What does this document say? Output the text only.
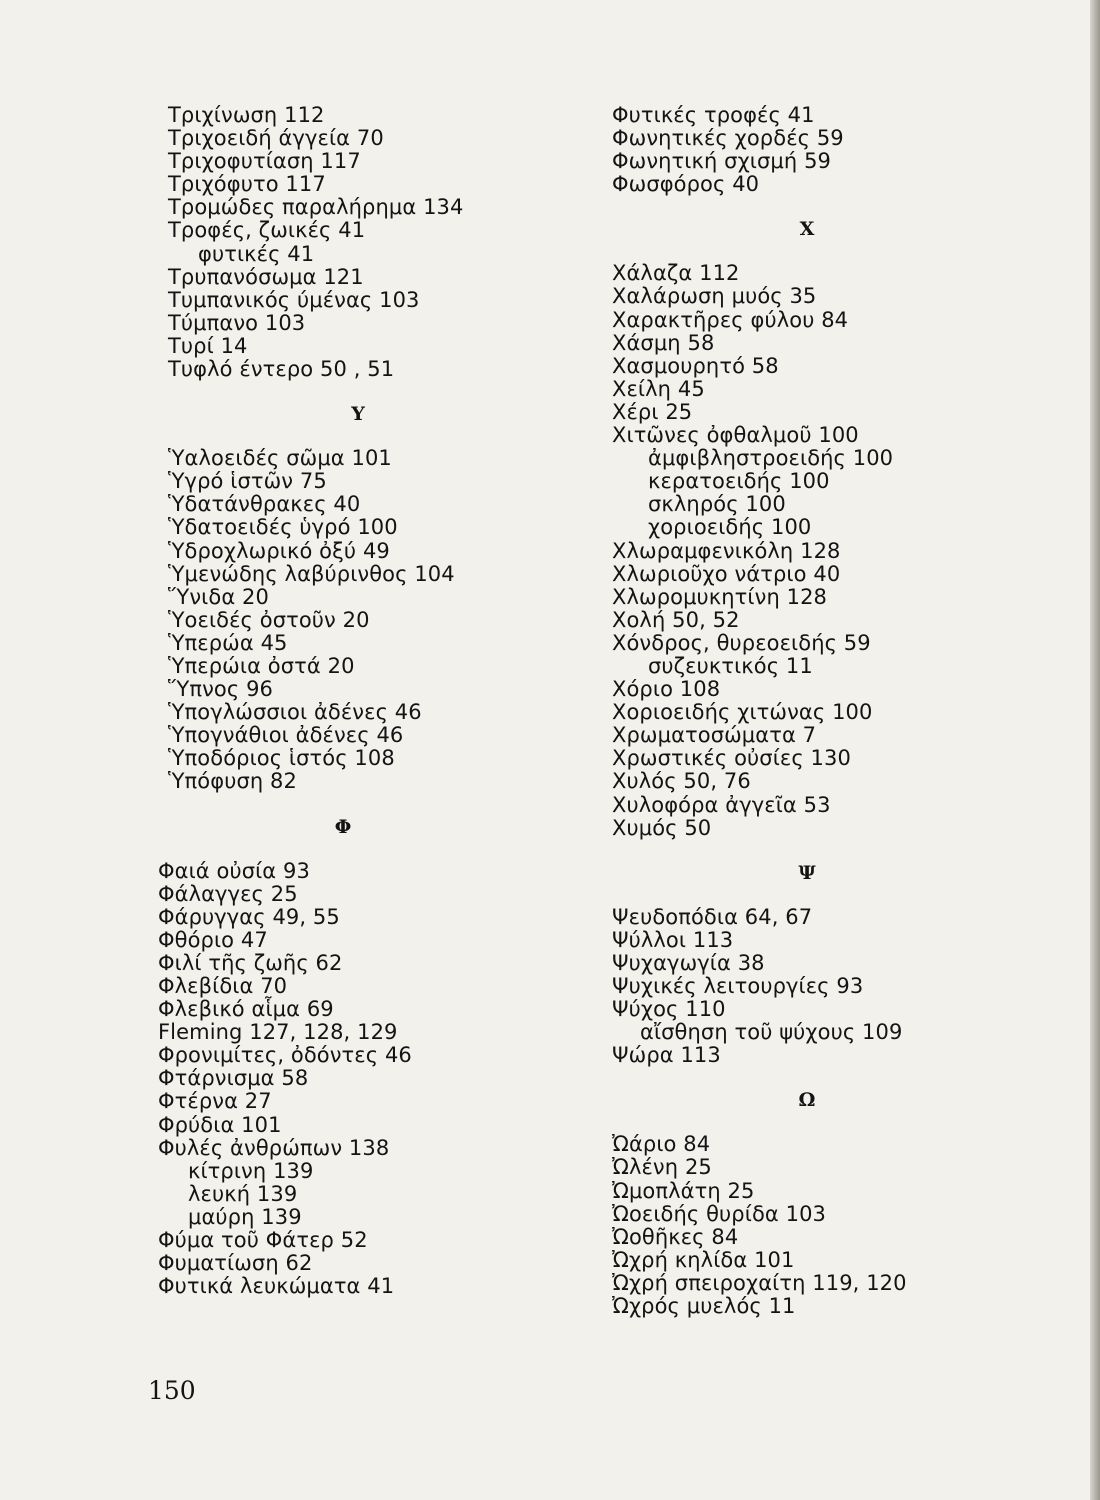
Τριχίνωση 112
Τριχοειδή άγγεία 70
Τριχοφυτίαση 117
Τριχόφυτο 117
Τρομώδες παραλήρημα 134
Τροφές, ζωικές 41
φυτικές 41
Τρυπανόσωμα 121
Τυμπανικός ύμένας 103
Τύμπανο 103
Τυρί 14
Τυφλό έντερο 50 , 51
Υ
Ὑαλοειδές σῶμα 101
Ὑγρό ἱστῶν 75
Ὑδατάνθρακες 40
Ὑδατοειδές ὑγρό 100
Ὑδροχλωρικό ὀξύ 49
Ὑμενώδης λαβύρινθος 104
Ὕνιδα 20
Ὑοειδές ὀστοῦν 20
Ὑπερώα 45
Ὑπερώια ὀστά 20
Ὕπνος 96
Ὑπογλώσσιοι ἀδένες 46
Ὑπογνάθιοι ἀδένες 46
Ὑποδόριος ἱστός 108
Ὑπόφυση 82
Φ
Φαιά οὐσία 93
Φάλαγγες 25
Φάρυγγας 49, 55
Φθόριο 47
Φιλί τῆς ζωῆς 62
Φλεβίδια 70
Φλεβικό αἷμα 69
Fleming 127, 128, 129
Φρονιμίτες, ὀδόντες 46
Φτάρνισμα 58
Φτέρνα 27
Φρύδια 101
Φυλές ἀνθρώπων 138
κίτρινη 139
λευκή 139
μαύρη 139
Φύμα τοῦ Φάτερ 52
Φυματίωση 62
Φυτικά λευκώματα 41
Φυτικές τροφές 41
Φωνητικές χορδές 59
Φωνητική σχισμή 59
Φωσφόρος 40
Χ
Χάλαζα 112
Χαλάρωση μυός 35
Χαρακτῆρες φύλου 84
Χάσμη 58
Χασμουρητό 58
Χείλη 45
Χέρι 25
Χιτῶνες ὀφθαλμοῦ 100
ἀμφιβληστροειδής 100
κερατοειδής 100
σκληρός 100
χοριοειδής 100
Χλωραμφενικόλη 128
Χλωριοῦχο νάτριο 40
Χλωρομυκητίνη 128
Χολή 50, 52
Χόνδρος, θυρεοειδής 59
συζευκτικός 11
Χόριο 108
Χοριοειδής χιτώνας 100
Χρωματοσώματα 7
Χρωστικές οὐσίες 130
Χυλός 50, 76
Χυλοφόρα ἀγγεῖα 53
Χυμός 50
Ψ
Ψευδοπόδια 64, 67
Ψύλλοι 113
Ψυχαγωγία 38
Ψυχικές λειτουργίες 93
Ψύχος 110
αἴσθηση τοῦ ψύχους 109
Ψώρα 113
Ω
Ὠάριο 84
Ὠλένη 25
Ὠμοπλάτη 25
Ὠοειδής θυρίδα 103
Ὠοθῆκες 84
Ὠχρή κηλίδα 101
Ὠχρή σπειροχαίτη 119, 120
Ὠχρός μυελός 11
150
